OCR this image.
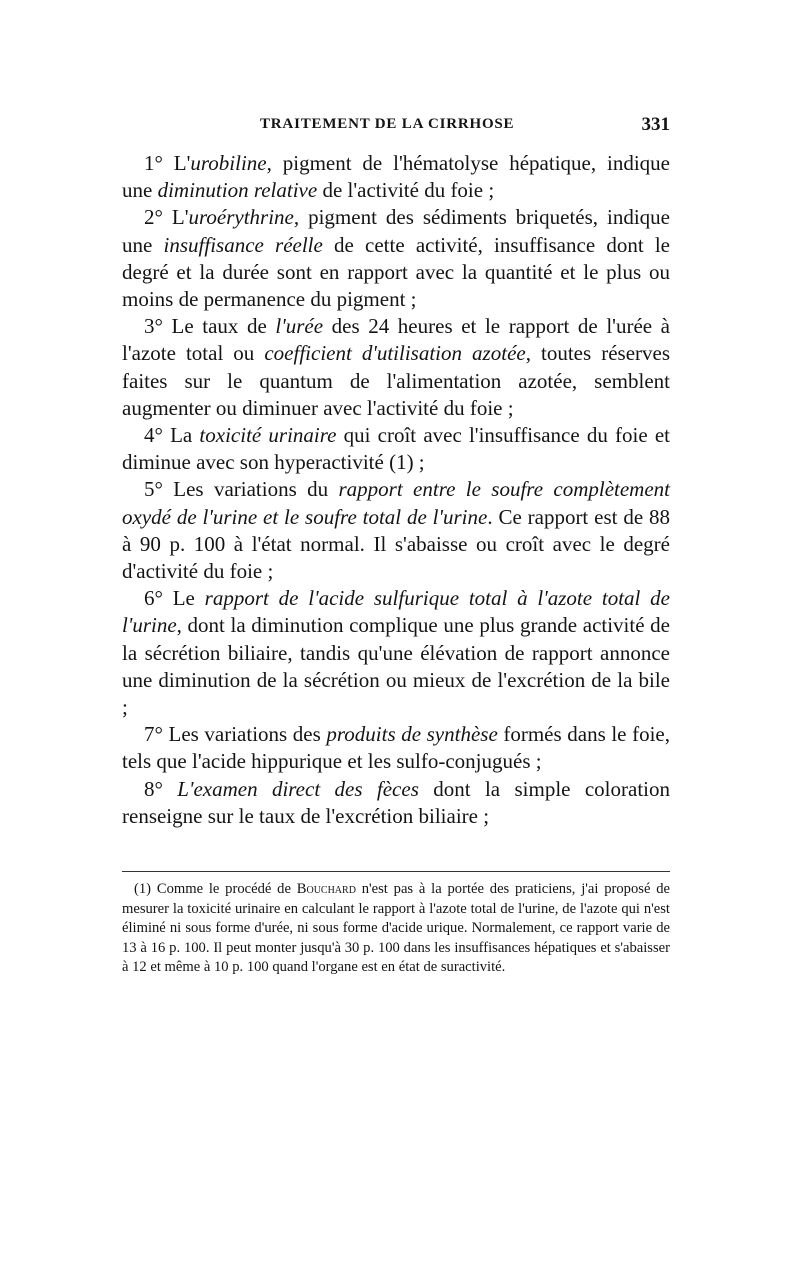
TRAITEMENT DE LA CIRRHOSE	331

1° L'urobiline, pigment de l'hématolyse hépatique, indique une diminution relative de l'activité du foie ;

2° L'uroérythrine, pigment des sédiments briquetés, indique une insuffisance réelle de cette activité, insuffisance dont le degré et la durée sont en rapport avec la quantité et le plus ou moins de permanence du pigment ;

3° Le taux de l'urée des 24 heures et le rapport de l'urée à l'azote total ou coefficient d'utilisation azotée, toutes réserves faites sur le quantum de l'alimentation azotée, semblent augmenter ou diminuer avec l'activité du foie ;

4° La toxicité urinaire qui croît avec l'insuffisance du foie et diminue avec son hyperactivité (1) ;

5° Les variations du rapport entre le soufre complètement oxydé de l'urine et le soufre total de l'urine. Ce rapport est de 88 à 90 p. 100 à l'état normal. Il s'abaisse ou croît avec le degré d'activité du foie ;

6° Le rapport de l'acide sulfurique total à l'azote total de l'urine, dont la diminution complique une plus grande activité de la sécrétion biliaire, tandis qu'une élévation de rapport annonce une diminution de la sécrétion ou mieux de l'excrétion de la bile ;

7° Les variations des produits de synthèse formés dans le foie, tels que l'acide hippurique et les sulfo-conjugués ;

8° L'examen direct des fèces dont la simple coloration renseigne sur le taux de l'excrétion biliaire ;

(1) Comme le procédé de Bouchard n'est pas à la portée des praticiens, j'ai proposé de mesurer la toxicité urinaire en calculant le rapport à l'azote total de l'urine, de l'azote qui n'est éliminé ni sous forme d'urée, ni sous forme d'acide urique. Normalement, ce rapport varie de 13 à 16 p. 100. Il peut monter jusqu'à 30 p. 100 dans les insuffisances hépatiques et s'abaisser à 12 et même à 10 p. 100 quand l'organe est en état de suractivité.
